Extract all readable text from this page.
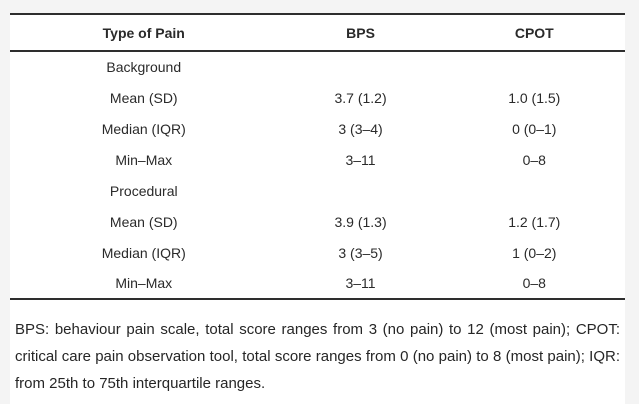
Type of Pain	BPS	CPOT
Background		
Mean (SD)	3.7 (1.2)	1.0 (1.5)
Median (IQR)	3 (3–4)	0 (0–1)
Min–Max	3–11	0–8
Procedural		
Mean (SD)	3.9 (1.3)	1.2 (1.7)
Median (IQR)	3 (3–5)	1 (0–2)
Min–Max	3–11	0–8

BPS: behaviour pain scale, total score ranges from 3 (no pain) to 12 (most pain); CPOT: critical care pain observation tool, total score ranges from 0 (no pain) to 8 (most pain); IQR: from 25th to 75th interquartile ranges.
